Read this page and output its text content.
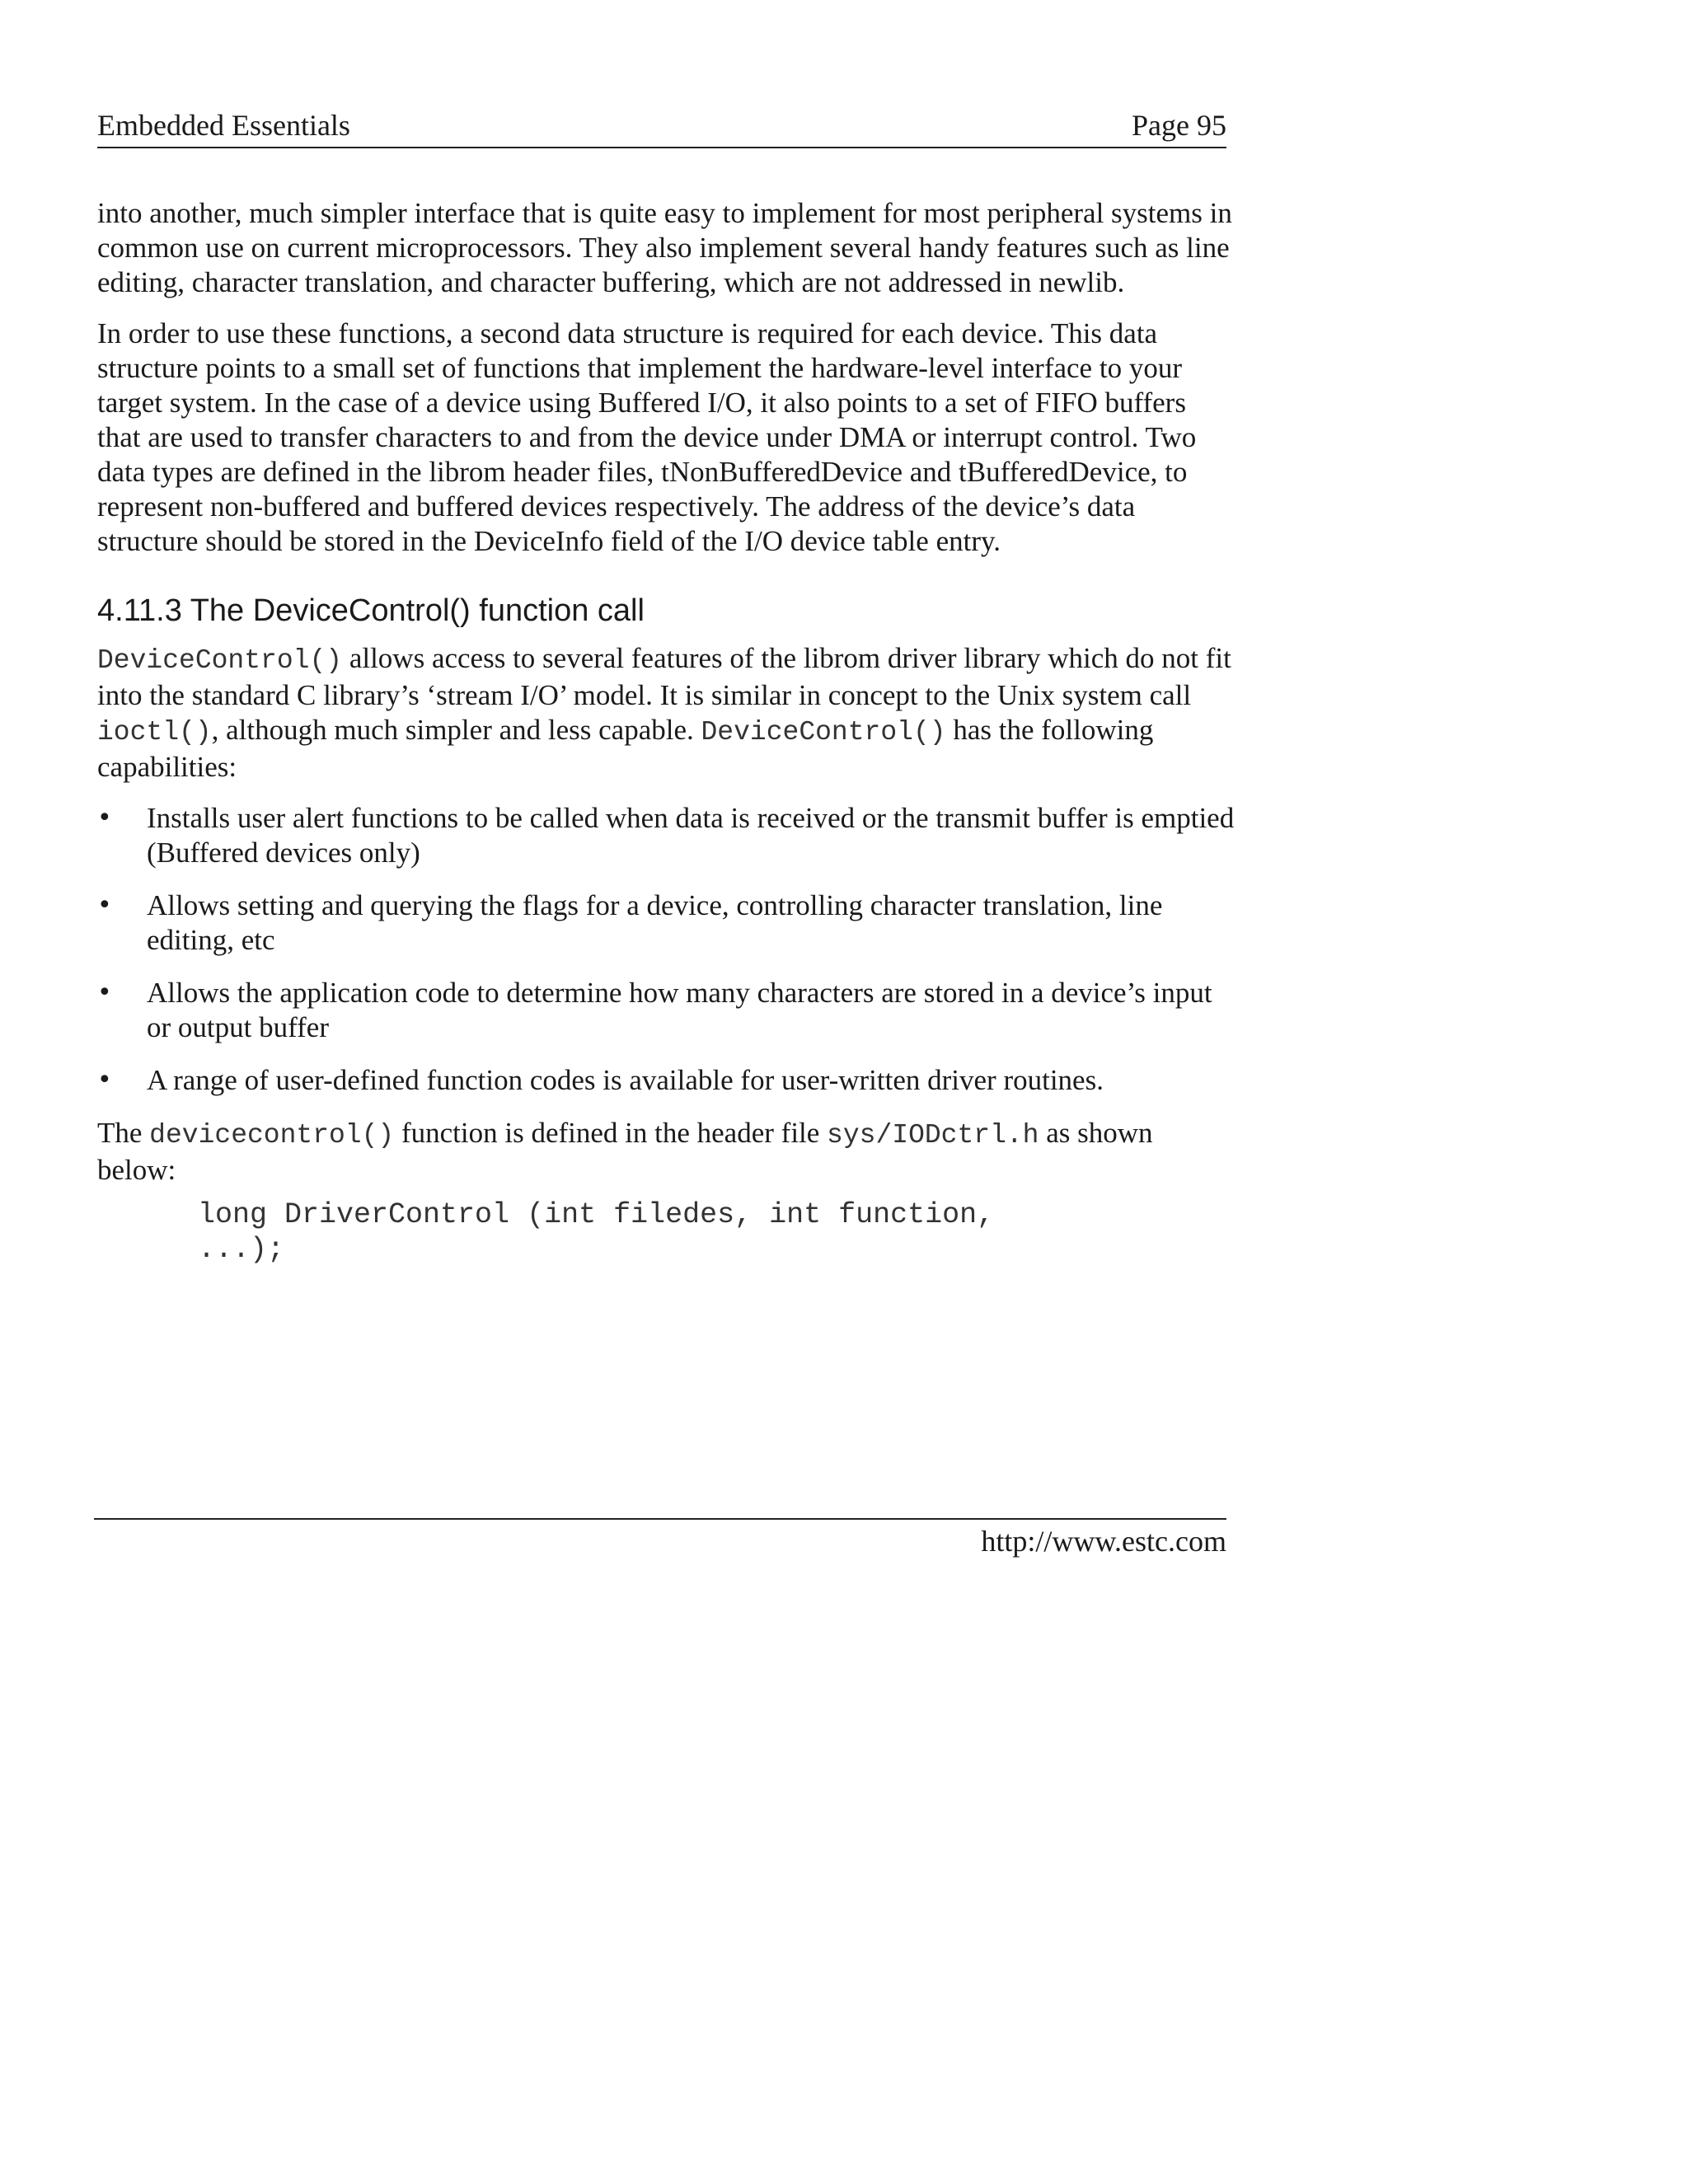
Embedded Essentials	Page 95

into another, much simpler interface that is quite easy to implement for most peripheral systems in common use on current microprocessors. They also implement several handy features such as line editing, character translation, and character buffering, which are not addressed in newlib.

In order to use these functions, a second data structure is required for each device. This data structure points to a small set of functions that implement the hardware-level interface to your target system. In the case of a device using Buffered I/O, it also points to a set of FIFO buffers that are used to transfer characters to and from the device under DMA or interrupt control. Two data types are defined in the librom header files, tNonBufferedDevice and tBufferedDevice, to represent non-buffered and buffered devices respectively. The address of the device’s data structure should be stored in the DeviceInfo field of the I/O device table entry.

4.11.3 The DeviceControl() function call

DeviceControl() allows access to several features of the librom driver library which do not fit into the standard C library’s ‘stream I/O’ model. It is similar in concept to the Unix system call ioctl(), although much simpler and less capable. DeviceControl() has the following capabilities:

•	Installs user alert functions to be called when data is received or the transmit buffer is emptied (Buffered devices only)
•	Allows setting and querying the flags for a device, controlling character translation, line editing, etc
•	Allows the application code to determine how many characters are stored in a device’s input or output buffer
•	A range of user-defined function codes is available for user-written driver routines.

The devicecontrol() function is defined in the header file sys/IODctrl.h as shown below:

long DriverControl (int filedes, int function,
...);
http://www.estc.com
